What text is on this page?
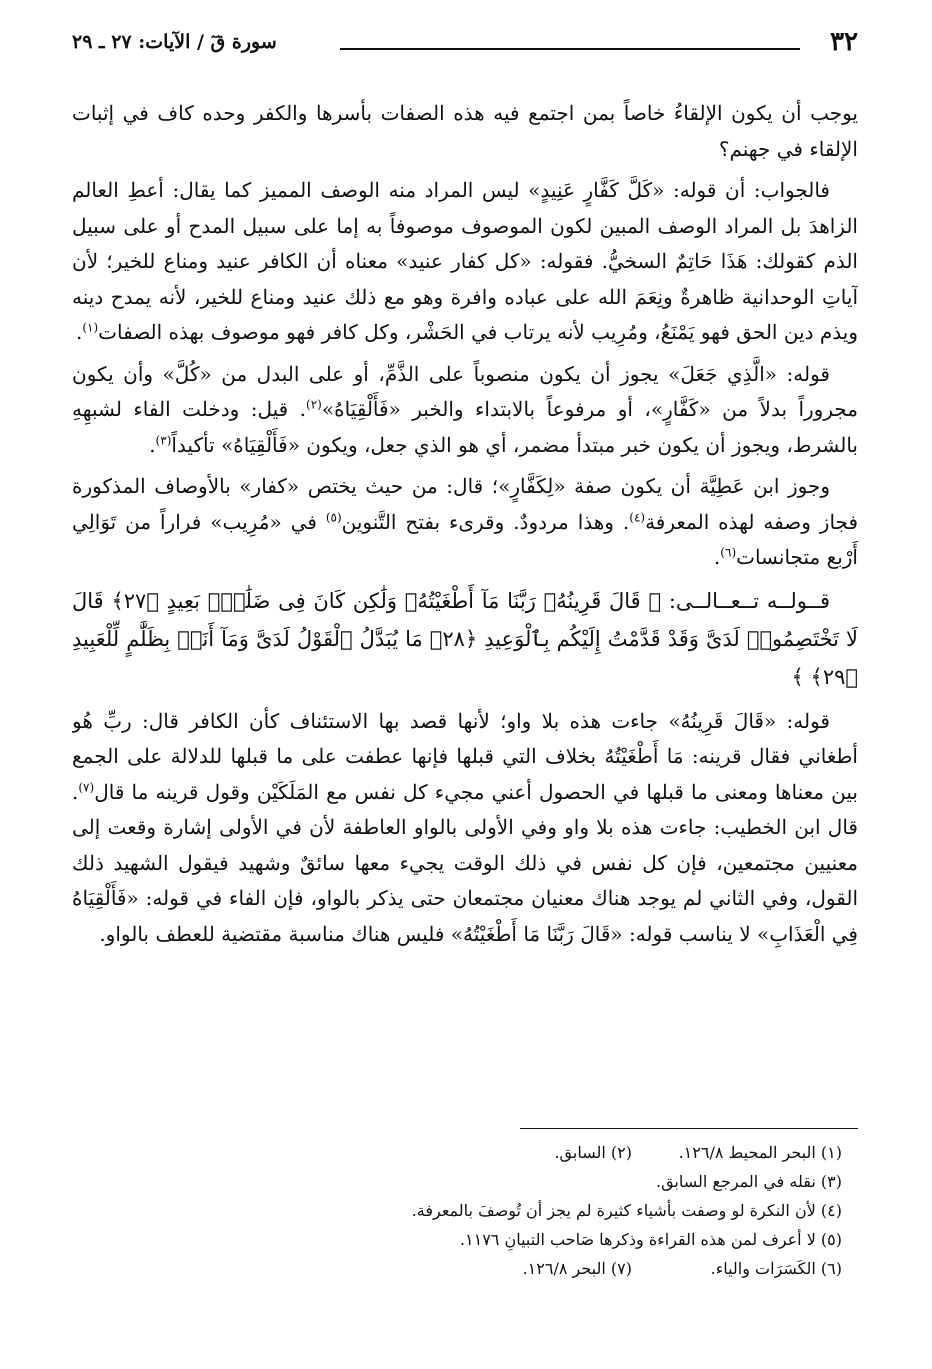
٣٢
سورة قٓ / الآيات: ٢٧ ـ ٢٩

يوجب أن يكون الإلقاءُ خاصاً بمن اجتمع فيه هذه الصفات بأسرها والكفر وحده كاف في إثبات الإلقاء في جهنم؟

فالجواب: أن قوله: «كَلَّ كَفَّارٍ عَنِيدٍ» ليس المراد منه الوصف المميز كما يقال: أعطِ العالم الزاهدَ بل المراد الوصف المبين لكون الموصوف موصوفاً به إما على سبيل المدح أو على سبيل الذم كقولك: هَذَا حَاتِمٌ السخيُّ. فقوله: «كل كفار عنيد» معناه أن الكافر عنيد ومناع للخير؛ لأن آياتِ الوحدانية ظاهرةٌ ونِعَمَ الله على عباده وافرة وهو مع ذلك عنيد ومناع للخير، لأنه يمدح دينه ويذم دين الحق فهو يَمْنَعُ، ومُرِيب لأنه يرتاب في الحَشْر، وكل كافر فهو موصوف بهذه الصفات$^{(١)}$.

قوله: «الَّذِي جَعَلَ» يجوز أن يكون منصوباً على الذَّمِّ، أو على البدل من «كُلَّ» وأن يكون مجروراً بدلاً من «كَفَّارٍ»، أو مرفوعاً بالابتداء والخبر «فَأَلْقِيَاهُ»$^{(٢)}$. قيل: ودخلت الفاء لشبهِهِ بالشرط، ويجوز أن يكون خبر مبتدأ مضمر، أي هو الذي جعل، ويكون «فَأَلْقِيَاهُ» تأكيداً$^{(٣)}$.

وجوز ابن عَطِيَّة أن يكون صفة «لِكَفَّارٍ»؛ قال: من حيث يختص «كفار» بالأوصاف المذكورة فجاز وصفه لهذه المعرفة$^{(٤)}$. وهذا مردودٌ. وقرىء بفتح التَّنوين$^{(٥)}$ في «مُرِيب» فراراً من تَوَالِي أَرْبع متجانسات$^{(٦)}$.

قــولــه تــعــالــى: ﴿ قَالَ قَرِينُهُۥ رَبَّنَا مَآ أَطْغَيْتُهُۥ وَلَٰكِن كَانَ فِى ضَلَٰلٍۭ بَعِيدٍ ﴿٢٧﴾ قَالَ لَا تَخْتَصِمُوا۟ لَدَىَّ وَقَدْ قَدَّمْتُ إِلَيْكُم بِٱلْوَعِيدِ ﴿٢٨﴾ مَا يُبَدَّلُ ٱلْقَوْلُ لَدَىَّ وَمَآ أَنَا۠ بِظَلَّٰمٍ لِّلْعَبِيدِ ﴿٢٩﴾ ﴾

قوله: «قَالَ قَرِينُهُ» جاءت هذه بلا واو؛ لأنها قصد بها الاستئناف كأن الكافر قال: ربِّ هُو أطغاني فقال قرينه: مَا أَطْغَيْتُهُ بخلاف التي قبلها فإنها عطفت على ما قبلها للدلالة على الجمع بين معناها ومعنى ما قبلها في الحصول أعني مجيء كل نفس مع المَلَكَيْن وقول قرينه ما قال$^{(٧)}$. قال ابن الخطيب: جاءت هذه بلا واو وفي الأولى بالواو العاطفة لأن في الأولى إشارة وقعت إلى معنيين مجتمعين، فإن كل نفس في ذلك الوقت يجيء معها سائقٌ وشهيد فيقول الشهيد ذلك القول، وفي الثاني لم يوجد هناك معنيان مجتمعان حتى يذكر بالواو، فإن الفاء في قوله: «فَأَلْقِيَاهُ فِي الْعَذَابِ» لا يناسب قوله: «قَالَ رَبَّنَا مَا أَطْغَيْتُهُ» فليس هناك مناسبة مقتضية للعطف بالواو.

(١) البحر المحيط ١٢٦/٨.
(٢) السابق.
(٣) نقله في المرجع السابق.
(٤) لأن النكرة لو وصفت بأشياء كثيرة لم يجز أن تُوصفَ بالمعرفة.
(٥) لا أعرف لمن هذه القراءة وذكرها صَاحب التبيانِ ١١٧٦.
(٦) الكَسَرَات والياء.
(٧) البحر ١٢٦/٨.
